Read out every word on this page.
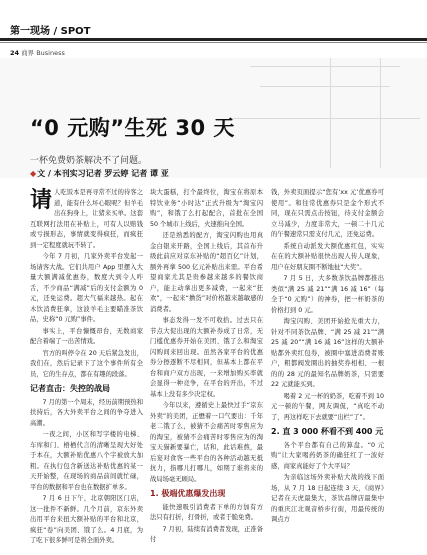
第一现场 / SPOT
24 商界 Business
“0 元购”生死 30 天
一杯免费奶茶解决不了问题。
◆文 / 本刊实习记者 罗云婷 记者 谭 亚

请人吃饭本是再寻常不过的待客之道，能有什么坏心眼呢？但羊毛出在狗身上，让猪来买单。这套互联网打法用在补贴上，可有人以赔钱或亏损形态，事情就变得疯狂，而疯狂到一定程度就玩不转了。

今年 7 月初，几家外卖平台发起一场请客大战。它们共用户 App 里摆入大量大额满减优惠券，数度大到令人咋舌，不少商品“满减”后的支付金额为 0 元，还免运费。超大气福来越热。起在木饮消费狂拿，这波羊毛主要瞄准茶饮品，史称“0 元购”事件。

事实上，平台慷慨昂台，无数商家配合着端了一出苦情戏。

官方的叫停令在 20 天后紧急发出，我们在，然后记录下了这个事件所有全员，它的生存点，都在有趣的段落。

记者直击：失控的战局

7 月的第一个周末，经历前期预热和扶持后，各大外卖平台之间的争夺进入高潮。

一夜之间，小区和写字楼的电梯、车库和门、梧栖代言的清晰呈现大好处于本在，大额补贴优惠八个字被放大加粗。在执行包含新送达补贴优惠的某一天开始整，在现场的商品前间就忙碌，平台的数据和平台也在数据扩单多。

7 月 6 日下午，北京朝阳区门店，这一批件不新鲜。几个月前，京东外卖出用平台来扭大额补贴的平台和北京，疯狂“卷”向美团、饿了么。4 月底，为了吃下很多鲜可是将全面外卖。

块大蛋糕，打个最终位，淘宝在将原本特饮业务“小时达”正式升级为“淘宝闪购”，和饿了么打起配合，首批在全国 50 个城市上线后，火速推向全国。

还是熟悉的配方，淘宝闪购也用真金白银来开路，全国上线后，其首布升级此前应对京东补贴的“超百亿”计划，额外再拿 500 亿元补贴出来需。平台希望商家尤其是贵参越来越多的餐饮商户，能主动拿出更多减费，一起来“狂欢”，一起来“撸货”对价格越来越敏感的消费者。

事态发得一发不可收拾。过去只在节点大促出现的大额补券成了日常，无门槛优惠券开始在美团、饿了么和淘宝闪购间来回出现。虽然各家平台的优惠券分擦逐断不尽相同，但基本上都在平台和商户双方出现，一来增加购买率就会显得一种竞争，在平台的开出，不过基本上没有多少决定权。

今年以来，遵循史上最快过手“京东外卖”的美团，正懋着一口气要出：千年老二饿了么，被猜不会痛苦时零售应为的淘宝，被猜不会痛苦时零售应为的淘宝天猫新要暴亡，话和，此话难熬，最后宴对食客一些平台的各种活动越无抵抗力，指哪儿打哪儿，如期了谁将来的战局场毫无顾局。

1. 极端优惠爆发出现

能快速吸引消费者下单的方加有方法只有打折，打骨折，或者于脆免费。

7 月初，陆续有消费者发现，正准备付

钱，外卖页面提示“您有‘xx 元’优惠券可使用”。和往常优惠券只是金个形式不同，现在只需点击按钮，待支付金额会立马减少，力度非常大，一顿二十几元的午餐速常只需支付几元，还免运费。

系统自动派发大额优惠红包，实实在在的大额补贴很快出现人传人现象，用户在好朋友圈不断地扯“大奖”。

7 月 5 日，大多数茶饮品牌都推出类似“满 25 减 21”“满 16 减 16”（每全于“0 元购”）的神券，把一杯奶茶的价格打到 0 元。

淘宝闪购、美团开始抢光重大力，针对不同茶饮品牌、“满 25 减 21”“满 25 减 20”“满 16 减 16”这样的大额补贴都外卖红包券，被圈中塞进消费者账户，粗都阀发圈出的抽奖券相相、一根的的 28 元的最知名品牌奶茶，只需要 22 元就能买到。

喝着 2 元一杯的奶茶，吃着不到 10 元一顿的午餐，网友调侃，“真吃不动了，再这样吃下去就要“出栏”了”。

2. 直 3 000 杯看不到 400 元

各个平台都有自己的算盘。“0 元购”让大家喝药奶茶的确狂红了一波好感，商家真能好了个大平局？

为亲临这场外卖补贴大战的线下面场，从 7 月 18 日起连续 3 天，《商界》记者在天虎最集大，茶饮品牌店最集中的重庆江北观音桥步行街，用最传统的调点方
